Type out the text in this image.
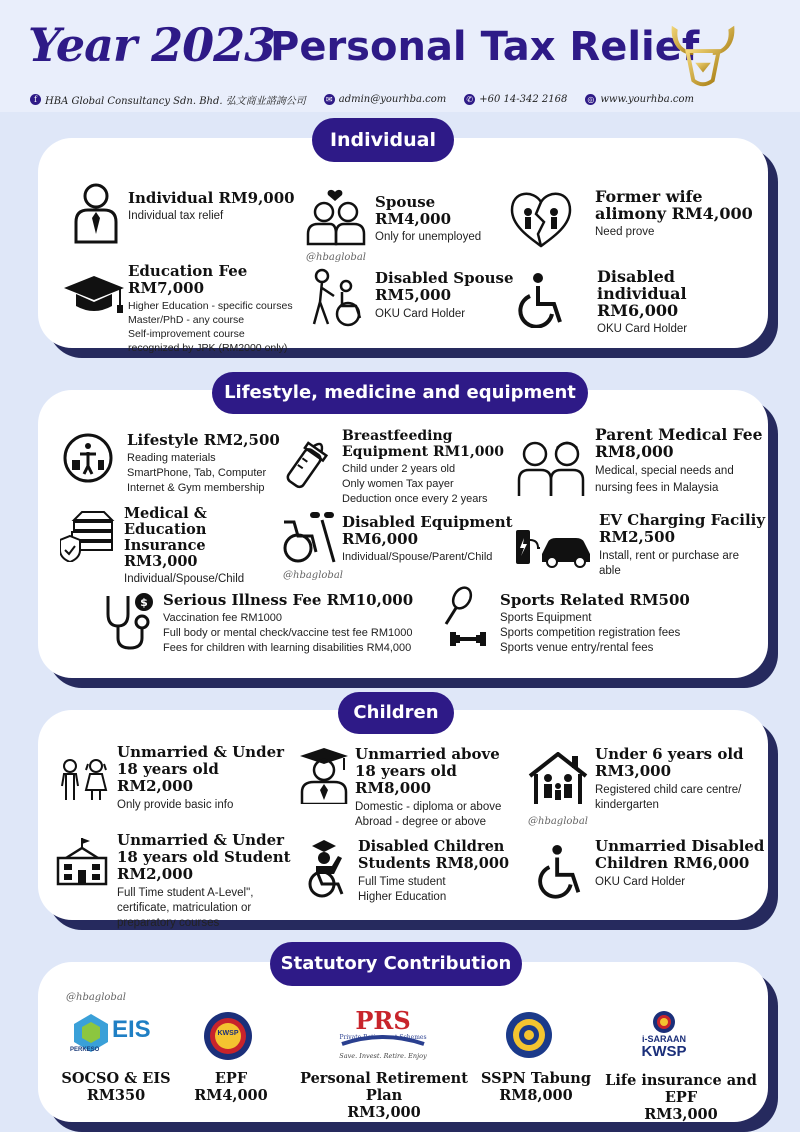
Year 2023
Personal Tax Relief
f HBA Global Consultancy Sdn. Bhd. 弘文商业諮詢公司	✉ admin@yourhba.com	✆ +60 14-342 2168	◎ www.yourhba.com
Individual
Individual RM9,000
Individual tax relief
Spouse RM4,000
Only for unemployed
@hbaglobal
Former wife alimony RM4,000
Need prove
Education Fee RM7,000
Higher Education - specific courses
Master/PhD - any course
Self-improvement course
recognized by JPK (RM2000 only)
Disabled Spouse RM5,000
OKU Card Holder
Disabled individual RM6,000
OKU Card Holder
Lifestyle, medicine and equipment
Lifestyle RM2,500
Reading materials
SmartPhone, Tab, Computer
Internet & Gym membership
Breastfeeding Equipment RM1,000
Child under 2 years old
Only women Tax payer
Deduction once every 2 years
Parent Medical Fee RM8,000
Medical, special needs and
nursing fees in Malaysia
Medical & Education Insurance RM3,000
Individual/Spouse/Child
Disabled Equipment RM6,000
Individual/Spouse/Parent/Child
@hbaglobal
EV Charging Faciliy RM2,500
Install, rent or purchase are
able
$ Serious Illness Fee RM10,000
Vaccination fee RM1000
Full body or mental check/vaccine test fee RM1000
Fees for children with learning disabilities RM4,000
Sports Related RM500
Sports Equipment
Sports competition registration fees
Sports venue entry/rental fees
Children
Unmarried & Under 18 years old RM2,000
Only provide basic info
Unmarried above 18 years old RM8,000
Domestic - diploma or above
Abroad - degree or above
Under 6 years old RM3,000
Registered child care centre/
kindergarten
@hbaglobal
Unmarried & Under 18 years old Student RM2,000
Full Time student A-Level",
certificate, matriculation or
preparatory courses
Disabled Children Students RM8,000
Full Time student
Higher Education
Unmarried Disabled Children RM6,000
OKU Card Holder
Statutory Contribution
@hbaglobal
PERKESO
EIS	KWSP	PRS
Private Retirement Schemes
Save. Invest. Retire. Enjoy
i-SARAAN
KWSP
SOCSO & EIS
RM350
EPF
RM4,000
Personal Retirement Plan
RM3,000
SSPN Tabung
RM8,000
Life insurance and EPF
RM3,000
